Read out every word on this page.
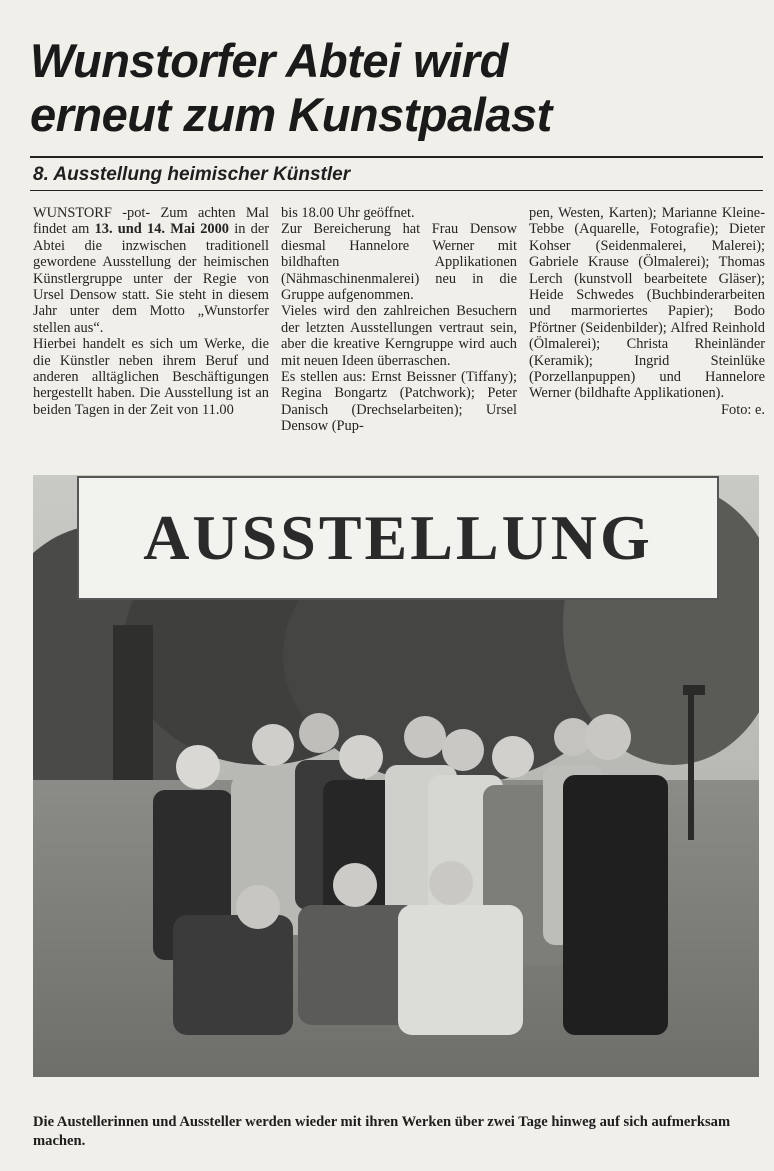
Wunstorfer Abtei wird
erneut zum Kunstpalast
8. Ausstellung heimischer Künstler

WUNSTORF -pot- Zum achten Mal findet am 13. und 14. Mai 2000 in der Abtei die inzwischen traditionell gewordene Ausstellung der heimischen Künstlergruppe unter der Regie von Ursel Densow statt. Sie steht in diesem Jahr unter dem Motto „Wunstorfer stellen aus“.

Hierbei handelt es sich um Werke, die die Künstler neben ihrem Beruf und anderen alltäglichen Beschäftigungen hergestellt haben. Die Ausstellung ist an beiden Tagen in der Zeit von 11.00

bis 18.00 Uhr geöffnet.

Zur Bereicherung hat Frau Densow diesmal Hannelore Werner mit bildhaften Applikationen (Nähmaschinenmalerei) neu in die Gruppe aufgenommen.

Vieles wird den zahlreichen Besuchern der letzten Ausstellungen vertraut sein, aber die kreative Kerngruppe wird auch mit neuen Ideen überraschen.

Es stellen aus: Ernst Beissner (Tiffany); Regina Bongartz (Patchwork); Peter Danisch (Drechselarbeiten); Ursel Densow (Pup-

pen, Westen, Karten); Marianne Kleine-Tebbe (Aquarelle, Fotografie); Dieter Kohser (Seidenmalerei, Malerei); Gabriele Krause (Ölmalerei); Thomas Lerch (kunstvoll bearbeitete Gläser); Heide Schwedes (Buchbinderarbeiten und marmoriertes Papier); Bodo Pförtner (Seidenbilder); Alfred Reinhold (Ölmalerei); Christa Rheinländer (Keramik); Ingrid Steinlüke (Porzellanpuppen) und Hannelore Werner (bildhafte Applikationen).

Foto: e.

AUSSTELLUNG

Die Austellerinnen und Aussteller werden wieder mit ihren Werken über zwei Tage hinweg auf sich aufmerksam machen.
